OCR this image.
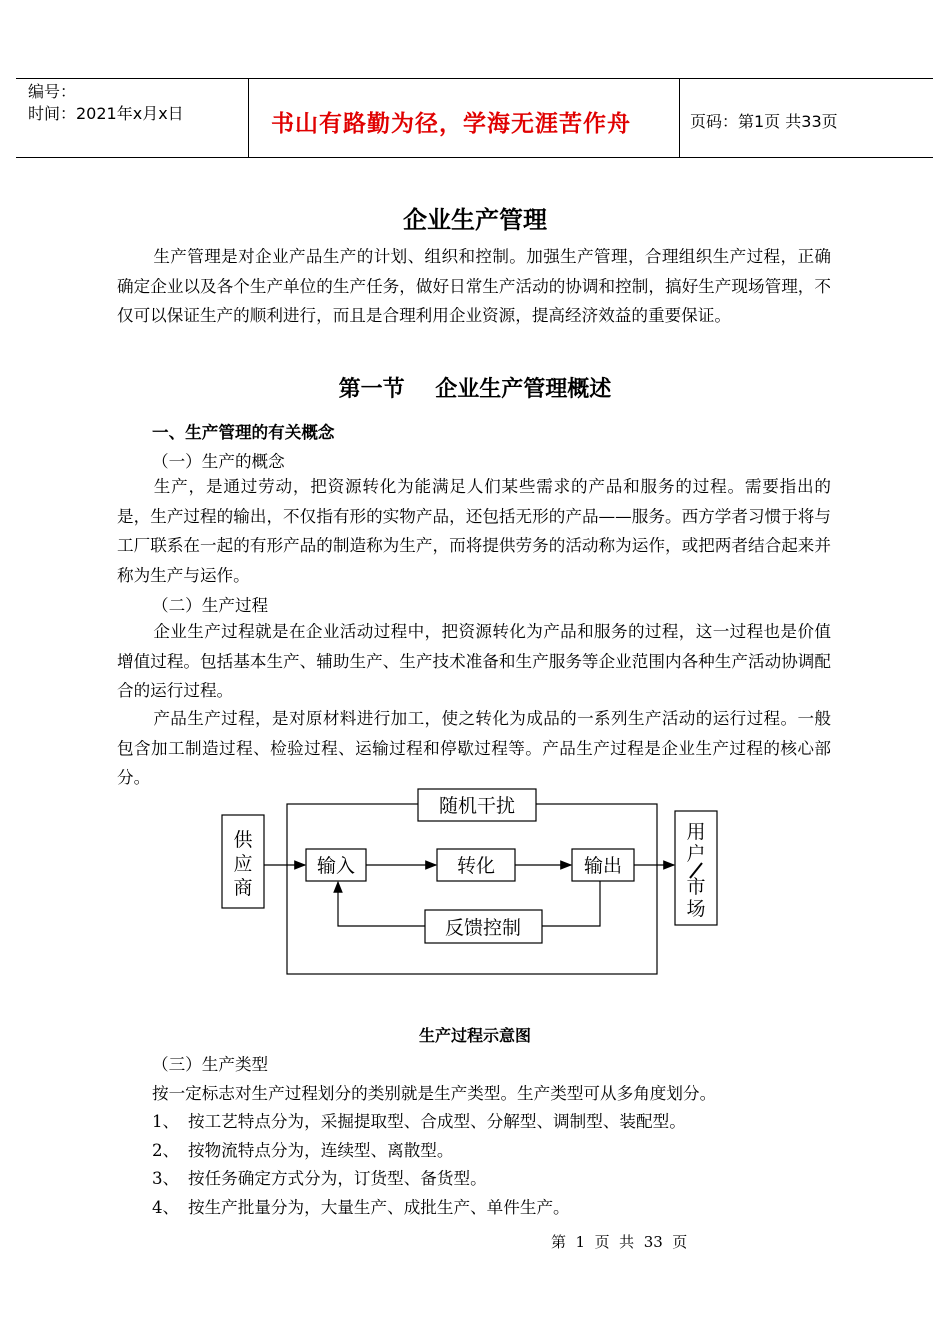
编号：
时间：2021年x月x日	书山有路勤为径，学海无涯苦作舟	页码：第1页 共33页
企业生产管理
生产管理是对企业产品生产的计划、组织和控制。加强生产管理，合理组织生产过程，正确确定企业以及各个生产单位的生产任务，做好日常生产活动的协调和控制，搞好生产现场管理，不仅可以保证生产的顺利进行，而且是合理利用企业资源，提高经济效益的重要保证。
第一节    企业生产管理概述
一、生产管理的有关概念
（一）生产的概念
生产，是通过劳动，把资源转化为能满足人们某些需求的产品和服务的过程。需要指出的是，生产过程的输出，不仅指有形的实物产品，还包括无形的产品——服务。西方学者习惯于将与工厂联系在一起的有形产品的制造称为生产，而将提供劳务的活动称为运作，或把两者结合起来并称为生产与运作。
（二）生产过程
企业生产过程就是在企业活动过程中，把资源转化为产品和服务的过程，这一过程也是价值增值过程。包括基本生产、辅助生产、生产技术准备和生产服务等企业范围内各种生产活动协调配合的运行过程。
产品生产过程，是对原材料进行加工，使之转化为成品的一系列生产活动的运行过程。一般包含加工制造过程、检验过程、运输过程和停歇过程等。产品生产过程是企业生产过程的核心部分。
供
应
商
随机干扰
输入	转化	输出
反馈控制
用
户
市
场
生产过程示意图
（三）生产类型
按一定标志对生产过程划分的类别就是生产类型。生产类型可从多角度划分。
1、 按工艺特点分为，采掘提取型、合成型、分解型、调制型、装配型。
2、 按物流特点分为，连续型、离散型。
3、 按任务确定方式分为，订货型、备货型。
4、 按生产批量分为，大量生产、成批生产、单件生产。
第  1  页  共  33  页
